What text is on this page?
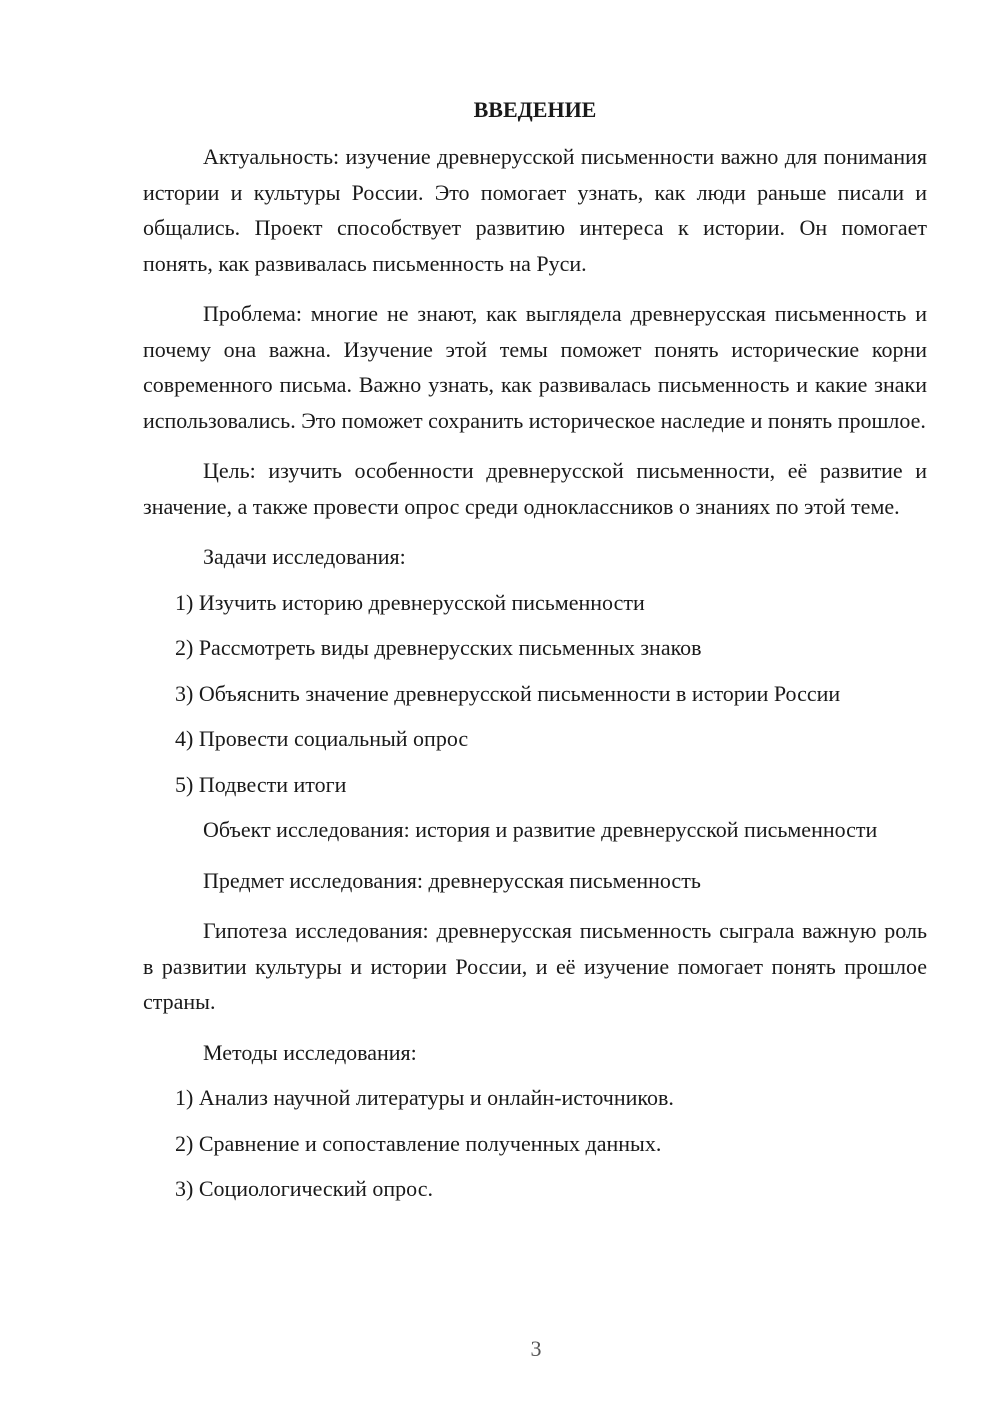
ВВЕДЕНИЕ

Актуальность: изучение древнерусской письменности важно для понимания истории и культуры России. Это помогает узнать, как люди раньше писали и общались. Проект способствует развитию интереса к истории. Он помогает понять, как развивалась письменность на Руси.

Проблема: многие не знают, как выглядела древнерусская письменность и почему она важна. Изучение этой темы поможет понять исторические корни современного письма. Важно узнать, как развивалась письменность и какие знаки использовались. Это поможет сохранить историческое наследие и понять прошлое.

Цель: изучить особенности древнерусской письменности, её развитие и значение, а также провести опрос среди одноклассников о знаниях по этой теме.

Задачи исследования:
1) Изучить историю древнерусской письменности
2) Рассмотреть виды древнерусских письменных знаков
3) Объяснить значение древнерусской письменности в истории России
4) Провести социальный опрос
5) Подвести итоги

Объект исследования: история и развитие древнерусской письменности

Предмет исследования: древнерусская письменность

Гипотеза исследования: древнерусская письменность сыграла важную роль в развитии культуры и истории России, и её изучение помогает понять прошлое страны.

Методы исследования:
1) Анализ научной литературы и онлайн-источников.
2) Сравнение и сопоставление полученных данных.
3) Социологический опрос.
3
